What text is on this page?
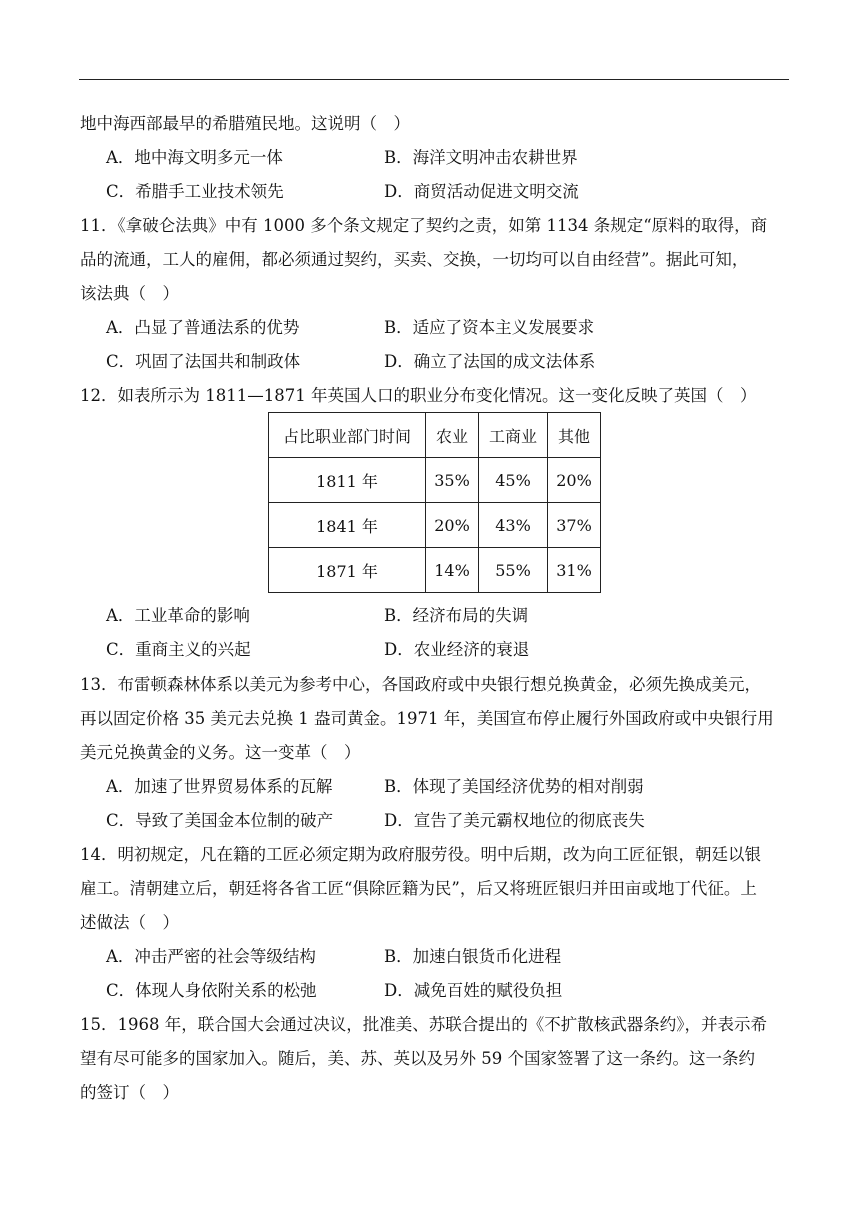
地中海西部最早的希腊殖民地。这说明（　）
A．地中海文明多元一体	B．海洋文明冲击农耕世界
C．希腊手工业技术领先	D．商贸活动促进文明交流
11．《拿破仑法典》中有 1000 多个条文规定了契约之责，如第 1134 条规定“原料的取得，商
品的流通，工人的雇佣，都必须通过契约，买卖、交换，一切均可以自由经营”。据此可知，
该法典（　）
A．凸显了普通法系的优势	B．适应了资本主义发展要求
C．巩固了法国共和制政体	D．确立了法国的成文法体系
12．如表所示为 1811—1871 年英国人口的职业分布变化情况。这一变化反映了英国（　）
占比职业部门时间	农业	工商业	其他
1811 年	35%	45%	20%
1841 年	20%	43%	37%
1871 年	14%	55%	31%
A．工业革命的影响	B．经济布局的失调
C．重商主义的兴起	D．农业经济的衰退
13．布雷顿森林体系以美元为参考中心，各国政府或中央银行想兑换黄金，必须先换成美元，
再以固定价格 35 美元去兑换 1 盎司黄金。1971 年，美国宣布停止履行外国政府或中央银行用
美元兑换黄金的义务。这一变革（　）
A．加速了世界贸易体系的瓦解	B．体现了美国经济优势的相对削弱
C．导致了美国金本位制的破产	D．宣告了美元霸权地位的彻底丧失
14．明初规定，凡在籍的工匠必须定期为政府服劳役。明中后期，改为向工匠征银，朝廷以银
雇工。清朝建立后，朝廷将各省工匠“俱除匠籍为民”，后又将班匠银归并田亩或地丁代征。上
述做法（　）
A．冲击严密的社会等级结构	B．加速白银货币化进程
C．体现人身依附关系的松弛	D．减免百姓的赋役负担
15．1968 年，联合国大会通过决议，批准美、苏联合提出的《不扩散核武器条约》，并表示希
望有尽可能多的国家加入。随后，美、苏、英以及另外 59 个国家签署了这一条约。这一条约
的签订（　）
